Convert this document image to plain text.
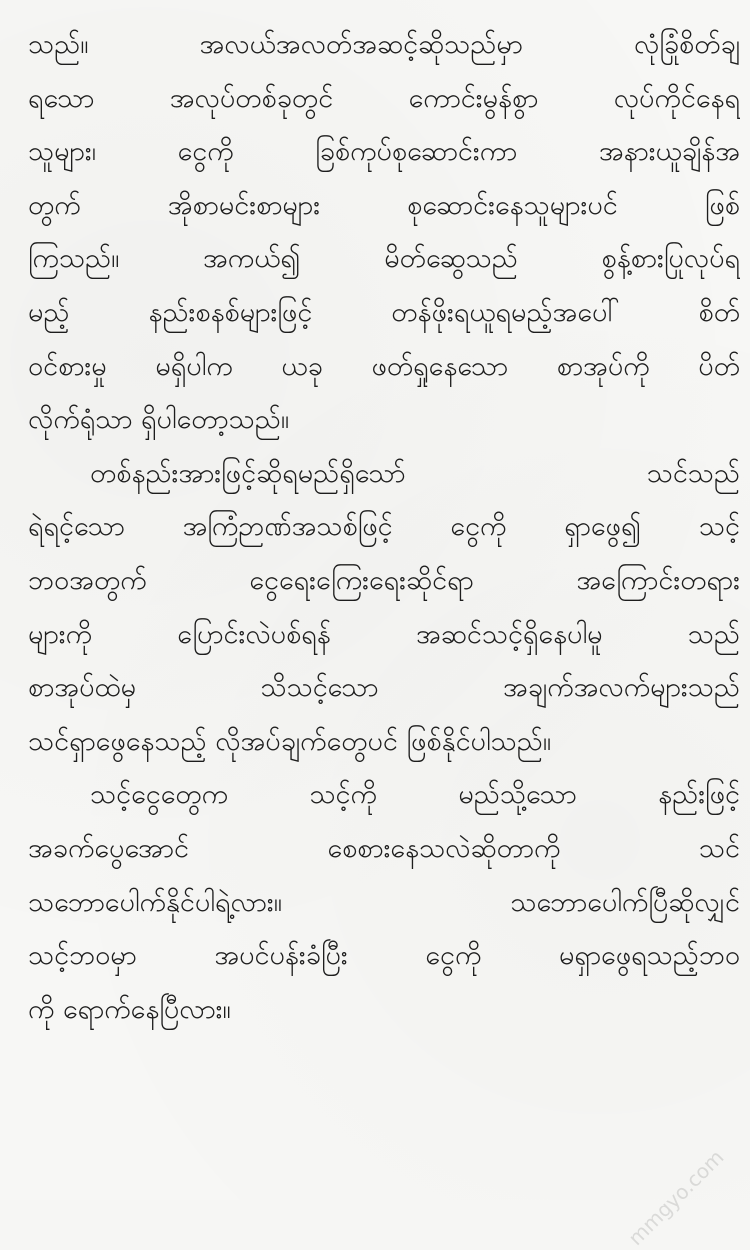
သည်။ အလယ်အလတ်အဆင့်ဆိုသည်မှာ လုံခြုံစိတ်ချ
ရသော အလုပ်တစ်ခုတွင် ကောင်းမွန်စွာ လုပ်ကိုင်နေရ
သူများ၊ ငွေကို ခြစ်ကုပ်စုဆောင်းကာ အနားယူချိန်အ
တွက် အိုစာမင်းစာများ စုဆောင်းနေသူများပင် ဖြစ်
ကြသည်။ အကယ်၍ မိတ်ဆွေသည် စွန့်စားပြုလုပ်ရ
မည့် နည်းစနစ်များဖြင့် တန်ဖိုးရယူရမည့်အပေါ် စိတ်
ဝင်စားမှု မရှိပါက ယခု ဖတ်ရှုနေသော စာအုပ်ကို ပိတ်
လိုက်ရုံသာ ရှိပါတော့သည်။
တစ်နည်းအားဖြင့်ဆိုရမည်ရှိသော် သင်သည်
ရဲရင့်သော အကြံဉာဏ်အသစ်ဖြင့် ငွေကို ရှာဖွေ၍ သင့်
ဘဝအတွက် ငွေရေးကြေးရေးဆိုင်ရာ အကြောင်းတရား
များကို ပြောင်းလဲပစ်ရန် အဆင်သင့်ရှိနေပါမူ သည်
စာအုပ်ထဲမှ သိသင့်သော အချက်အလက်များသည်
သင်ရှာဖွေနေသည့် လိုအပ်ချက်တွေပင် ဖြစ်နိုင်ပါသည်။
သင့်ငွေတွေက သင့်ကို မည်သို့သော နည်းဖြင့်
အခက်ပွေအောင် စေစားနေသလဲဆိုတာကို သင်
သဘောပေါက်နိုင်ပါရဲ့လား။ သဘောပေါက်ပြီဆိုလျှင်
သင့်ဘဝမှာ အပင်ပန်းခံပြီး ငွေကို မရှာဖွေရသည့်ဘဝ
ကို ရောက်နေပြီလား။
mmgyo.com
